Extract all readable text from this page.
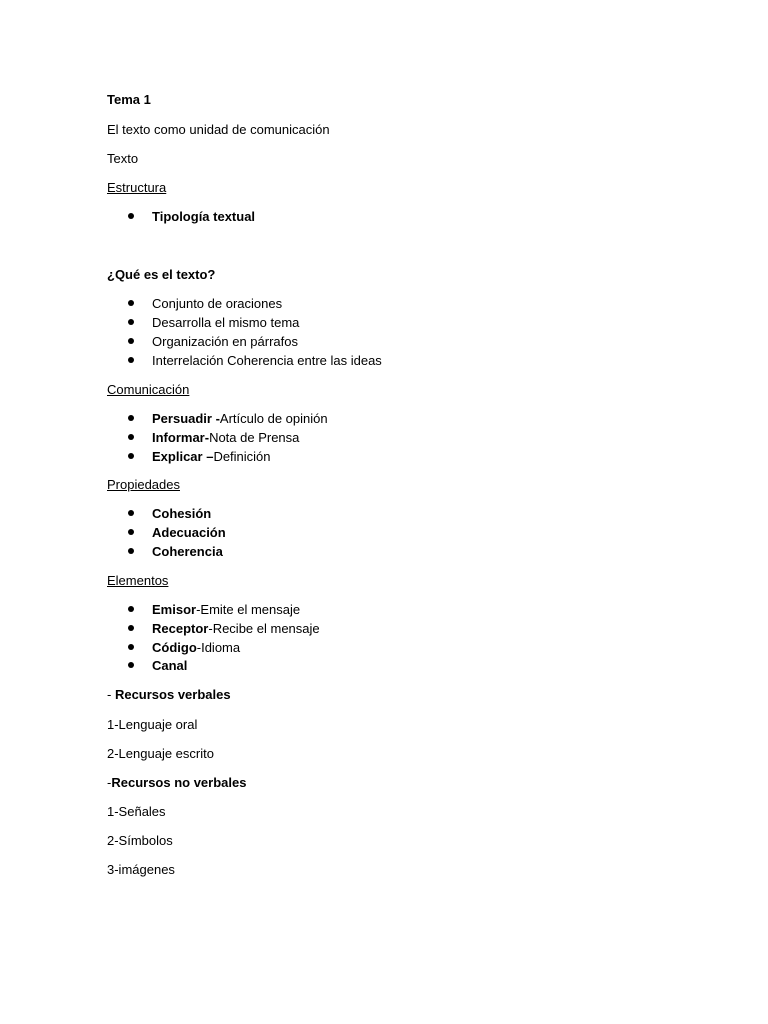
Tema 1
El texto como unidad de comunicación
Texto
Estructura
Tipología textual
¿Qué es el texto?
Conjunto de oraciones
Desarrolla el mismo tema
Organización en párrafos
Interrelación Coherencia entre las ideas
Comunicación
Persuadir -Artículo de opinión
Informar-Nota de Prensa
Explicar –Definición
Propiedades
Cohesión
Adecuación
Coherencia
Elementos
Emisor-Emite el mensaje
Receptor-Recibe el mensaje
Código-Idioma
Canal
- Recursos verbales
1-Lenguaje oral
2-Lenguaje escrito
-Recursos no verbales
1-Señales
2-Símbolos
3-imágenes
